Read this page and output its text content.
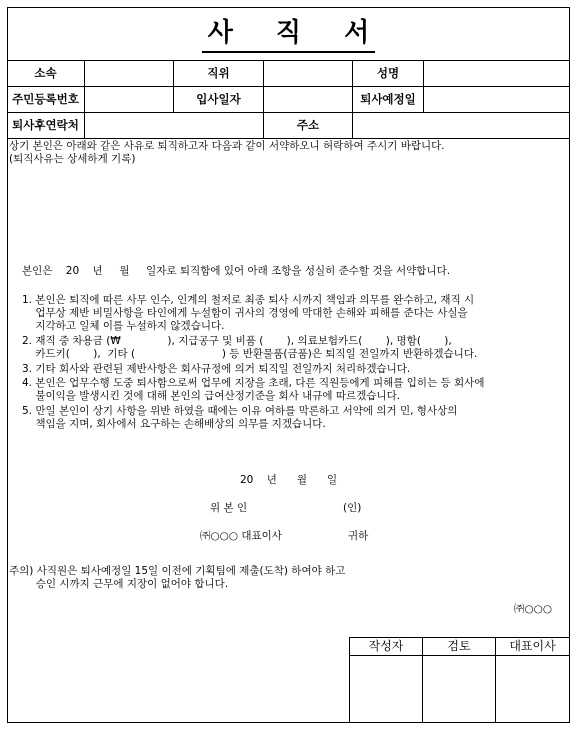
사 직 서
소속	직위	성명
주민등록번호	입사일자	퇴사예정일
퇴사후연락처	주소
상기 본인은 아래와 같은 사유로 퇴직하고자 다음과 같이 서약하오니 허락하여 주시기 바랍니다.
(퇴직사유는 상세하게 기록)
본인은    20    년     월     일자로 퇴직함에 있어 아래 조항을 성실히 준수할 것을 서약합니다.
1. 본인은 퇴직에 따른 사무 인수, 인계의 철저로 최종 퇴사 시까지 책임과 의무를 완수하고, 재직 시
업무상 제반 비밀사항을 타인에게 누설함이 귀사의 경영에 막대한 손해와 피해를 준다는 사실을
지각하고 일체 이를 누설하지 않겠습니다.
2. 재직 중 차용금 (₩              ), 지급공구 및 비품 (       ), 의료보험카드(       ), 명함(       ),
카드키(       ),  기타 (                          ) 등 반환물품(금품)은 퇴직일 전일까지 반환하겠습니다.
3. 기타 회사와 관련된 제반사항은 회사규정에 의거 퇴직일 전일까지 처리하겠습니다.
4. 본인은 업무수행 도중 퇴사함으로써 업무에 지장을 초래, 다른 직원등에게 피해를 입히는 등 회사에
불이익을 발생시킨 것에 대해 본인의 급여산정기준을 회사 내규에 따르겠습니다.
5. 만일 본인이 상기 사항을 위반 하였을 때에는 이유 여하를 막론하고 서약에 의거 민, 형사상의
책임을 지며, 회사에서 요구하는 손해배상의 의무를 지겠습니다.
20    년      월      일
위 본 인	(인)
㈜○○○ 대표이사	귀하
주의) 사직원은 퇴사예정일 15일 이전에 기획팀에 제출(도착) 하여야 하고
승인 시까지 근무에 지장이 없어야 합니다.
㈜○○○
작성자	검토	대표이사
